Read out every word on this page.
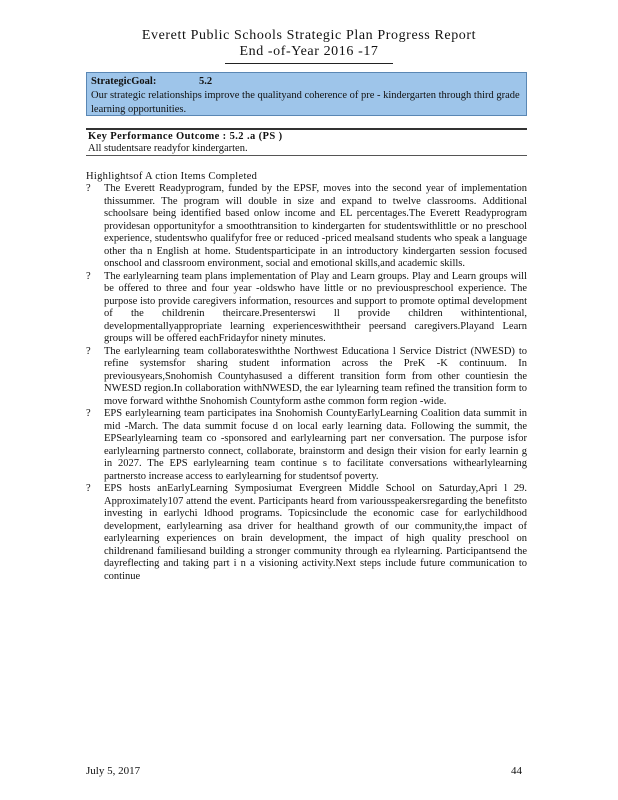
Everett Public Schools Strategic Plan Progress Report
End -of-Year 2016 -17
StrategicGoal:	5.2
Our strategic relationships improve the qualityand coherence of pre - kindergarten through third grade learning opportunities.
Key Performance Outcome : 5.2 .a (PS )
All studentsare readyfor kindergarten.
Highlightsof A ction Items Completed
? The Everett Readyprogram, funded by the EPSF, moves into the second year of implementation thissummer. The program will double in size and expand to twelve classrooms. Additional schoolsare being identified based onlow income and EL percentages.The Everett Readyprogram providesan opportunityfor a smoothtransition to kindergarten for studentswithlittle or no preschool experience, studentswho qualifyfor free or reduced -priced mealsand students who speak a language other tha n English at home. Studentsparticipate in an introductory kindergarten session focused onschool and classroom environment, social and emotional skills,and academic skills.
? The earlylearning team plans implementation of Play and Learn groups. Play and Learn groups will be offered to three and four year -oldswho have little or no previouspreschool experience. The purpose isto provide caregivers information, resources and support to promote optimal development of the childrenin theircare.Presenterswi ll provide children withintentional, developmentallyappropriate learning experienceswiththeir peersand caregivers.Playand Learn groups will be offered eachFridayfor ninety minutes.
? The earlylearning team collaborateswiththe Northwest Educationa l Service District (NWESD) to refine systemsfor sharing student information across the PreK -K continuum. In previousyears,Snohomish Countyhasused a different transition form from other countiesin the NWESD region.In collaboration withNWESD, the ear lylearning team refined the transition form to move forward withthe Snohomish Countyform asthe common form region -wide.
? EPS earlylearning team participates ina Snohomish CountyEarlyLearning Coalition data summit in mid -March. The data summit focuse d on local early learning data. Following the summit, the EPSearlylearning team co -sponsored and earlylearning part ner conversation. The purpose isfor earlylearning partnersto connect, collaborate, brainstorm and design their vision for early learnin g in 2027. The EPS earlylearning team continue s to facilitate conversations withearlylearning partnersto increase access to earlylearning for studentsof poverty.
? EPS hosts anEarlyLearning Symposiumat Evergreen Middle School on Saturday,Apri l 29. Approximately107 attend the event. Participants heard from variousspeakersregarding the benefitsto investing in earlychi ldhood programs. Topicsinclude the economic case for earlychildhood development, earlylearning asa driver for healthand growth of our community,the impact of earlylearning experiences on brain development, the impact of high quality preschool on childrenand familiesand building a stronger community through ea rlylearning. Participantsend the dayreflecting and taking part i n a visioning activity.Next steps include future communication to continue
July 5, 2017	44
